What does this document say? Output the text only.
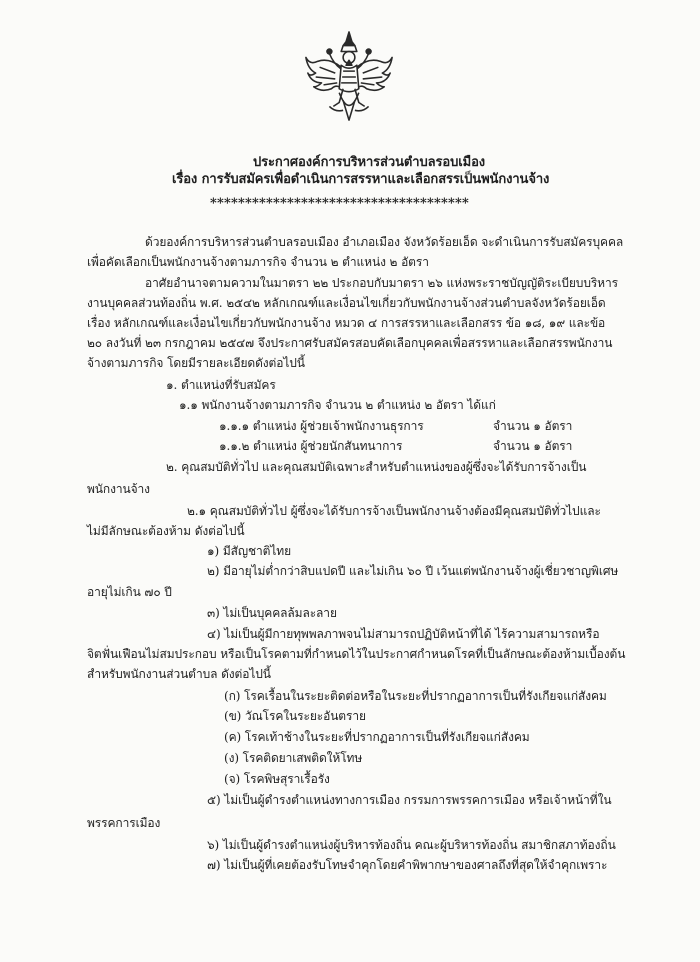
ประกาศองค์การบริหารส่วนตำบลรอบเมือง
เรื่อง การรับสมัครเพื่อดำเนินการสรรหาและเลือกสรรเป็นพนักงานจ้าง
*************************************
ด้วยองค์การบริหารส่วนตำบลรอบเมือง อำเภอเมือง จังหวัดร้อยเอ็ด จะดำเนินการรับสมัครบุคคล
เพื่อคัดเลือกเป็นพนักงานจ้างตามภารกิจ จำนวน ๒ ตำแหน่ง ๒ อัตรา
อาศัยอำนาจตามความในมาตรา ๒๒ ประกอบกับมาตรา ๒๖ แห่งพระราชบัญญัติระเบียบบริหาร
งานบุคคลส่วนท้องถิ่น พ.ศ. ๒๕๔๒ หลักเกณฑ์และเงื่อนไขเกี่ยวกับพนักงานจ้างส่วนตำบลจังหวัดร้อยเอ็ด
เรื่อง หลักเกณฑ์และเงื่อนไขเกี่ยวกับพนักงานจ้าง หมวด ๔ การสรรหาและเลือกสรร ข้อ ๑๘, ๑๙ และข้อ
๒๐ ลงวันที่ ๒๓ กรกฎาคม ๒๕๔๗ จึงประกาศรับสมัครสอบคัดเลือกบุคคลเพื่อสรรหาและเลือกสรรพนักงาน
จ้างตามภารกิจ โดยมีรายละเอียดดังต่อไปนี้
๑. ตำแหน่งที่รับสมัคร
๑.๑ พนักงานจ้างตามภารกิจ จำนวน ๒ ตำแหน่ง ๒ อัตรา ได้แก่
๑.๑.๑ ตำแหน่ง ผู้ช่วยเจ้าพนักงานธุรการ	จำนวน ๑ อัตรา
๑.๑.๒ ตำแหน่ง ผู้ช่วยนักสันทนาการ	จำนวน ๑ อัตรา
๒. คุณสมบัติทั่วไป และคุณสมบัติเฉพาะสำหรับตำแหน่งของผู้ซึ่งจะได้รับการจ้างเป็น
พนักงานจ้าง
๒.๑ คุณสมบัติทั่วไป ผู้ซึ่งจะได้รับการจ้างเป็นพนักงานจ้างต้องมีคุณสมบัติทั่วไปและ
ไม่มีลักษณะต้องห้าม ดังต่อไปนี้
๑) มีสัญชาติไทย
๒) มีอายุไม่ต่ำกว่าสิบแปดปี และไม่เกิน ๖๐ ปี เว้นแต่พนักงานจ้างผู้เชี่ยวชาญพิเศษ
อายุไม่เกิน ๗๐ ปี
๓) ไม่เป็นบุคคลล้มละลาย
๔) ไม่เป็นผู้มีกายทุพพลภาพจนไม่สามารถปฏิบัติหน้าที่ได้ ไร้ความสามารถหรือ
จิตฟั่นเฟือนไม่สมประกอบ หรือเป็นโรคตามที่กำหนดไว้ในประกาศกำหนดโรคที่เป็นลักษณะต้องห้ามเบื้องต้น
สำหรับพนักงานส่วนตำบล ดังต่อไปนี้
(ก) โรคเรื้อนในระยะติดต่อหรือในระยะที่ปรากฏอาการเป็นที่รังเกียจแก่สังคม
(ข) วัณโรคในระยะอันตราย
(ค) โรคเท้าช้างในระยะที่ปรากฏอาการเป็นที่รังเกียจแก่สังคม
(ง) โรคติดยาเสพติดให้โทษ
(จ) โรคพิษสุราเรื้อรัง
๕) ไม่เป็นผู้ดำรงตำแหน่งทางการเมือง กรรมการพรรคการเมือง หรือเจ้าหน้าที่ใน
พรรคการเมือง
๖) ไม่เป็นผู้ดำรงตำแหน่งผู้บริหารท้องถิ่น คณะผู้บริหารท้องถิ่น สมาชิกสภาท้องถิ่น
๗) ไม่เป็นผู้ที่เคยต้องรับโทษจำคุกโดยคำพิพากษาของศาลถึงที่สุดให้จำคุกเพราะ
